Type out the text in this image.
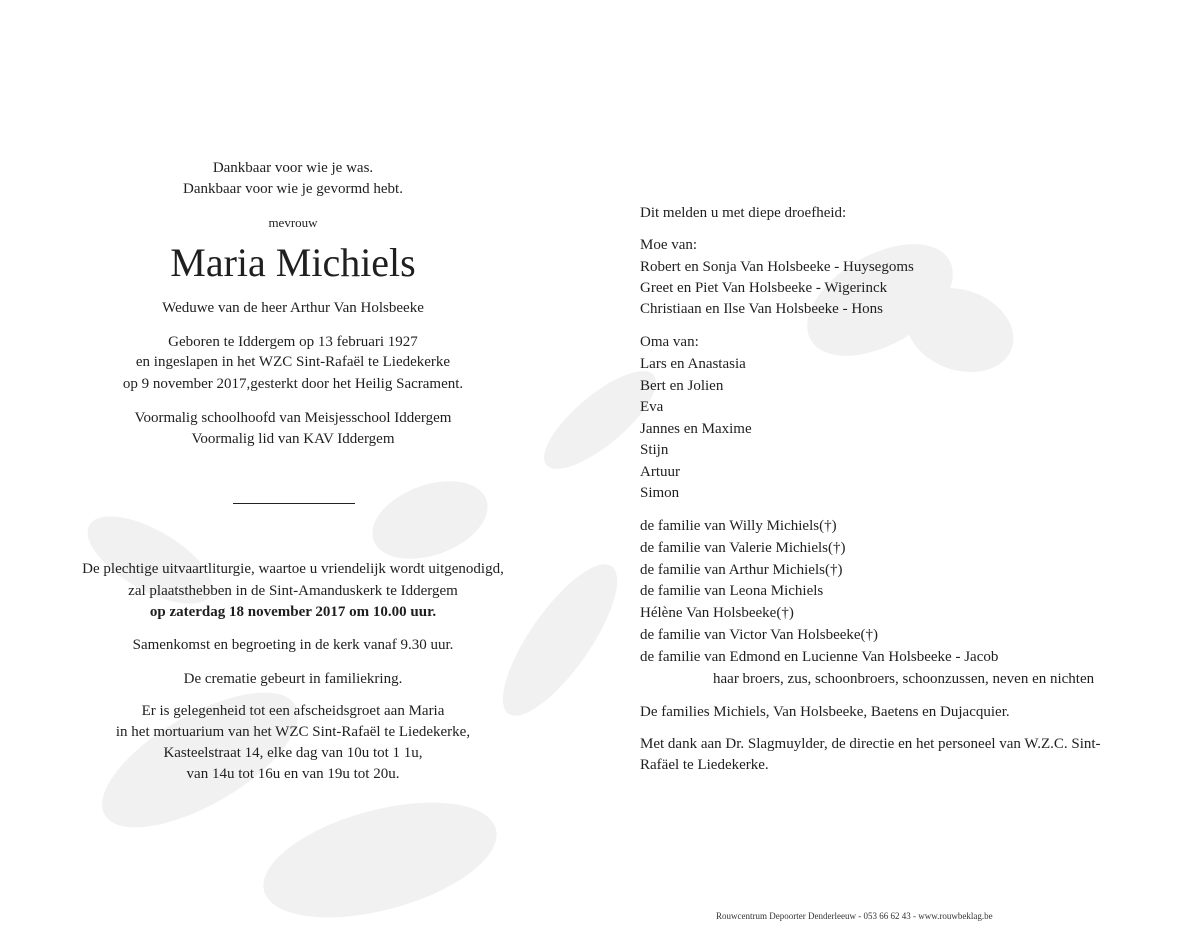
Dankbaar voor wie je was.
Dankbaar voor wie je gevormd hebt.
mevrouw
Maria Michiels
Weduwe van de heer Arthur Van Holsbeeke
Geboren te Iddergem op 13 februari 1927
en ingeslapen in het WZC Sint-Rafaël te Liedekerke
op 9 november 2017,gesterkt door het Heilig Sacrament.
Voormalig schoolhoofd van Meisjesschool Iddergem
Voormalig lid van KAV Iddergem
De plechtige uitvaartliturgie, waartoe u vriendelijk wordt uitgenodigd,
zal plaatsthebben in de Sint-Amanduskerk te Iddergem
op zaterdag 18 november 2017 om 10.00 uur.
Samenkomst en begroeting in de kerk vanaf 9.30 uur.
De crematie gebeurt in familiekring.
Er is gelegenheid tot een afscheidsgroet aan Maria
in het mortuarium van het WZC Sint-Rafaël te Liedekerke,
Kasteelstraat 14, elke dag van 10u tot 1 1u,
van 14u tot 16u en van 19u tot 20u.
Dit melden u met diepe droefheid:
Moe van:
Robert en Sonja Van Holsbeeke - Huysegoms
Greet en Piet Van Holsbeeke - Wigerinck
Christiaan en Ilse Van Holsbeeke - Hons
Oma van:
Lars en Anastasia
Bert en Jolien
Eva
Jannes en Maxime
Stijn
Artuur
Simon
de familie van Willy Michiels(†)
de familie van Valerie Michiels(†)
de familie van Arthur Michiels(†)
de familie van Leona Michiels
Hélène Van Holsbeeke(†)
de familie van Victor Van Holsbeeke(†)
de familie van Edmond en Lucienne Van Holsbeeke - Jacob
haar broers, zus, schoonbroers, schoonzussen, neven en nichten
De families Michiels, Van Holsbeeke, Baetens en Dujacquier.
Met dank aan Dr. Slagmuylder, de directie en het personeel van W.Z.C. Sint-
Rafäel te Liedekerke.
Rouwcentrum Depoorter Denderleeuw - 053 66 62 43 - www.rouwbeklag.be
